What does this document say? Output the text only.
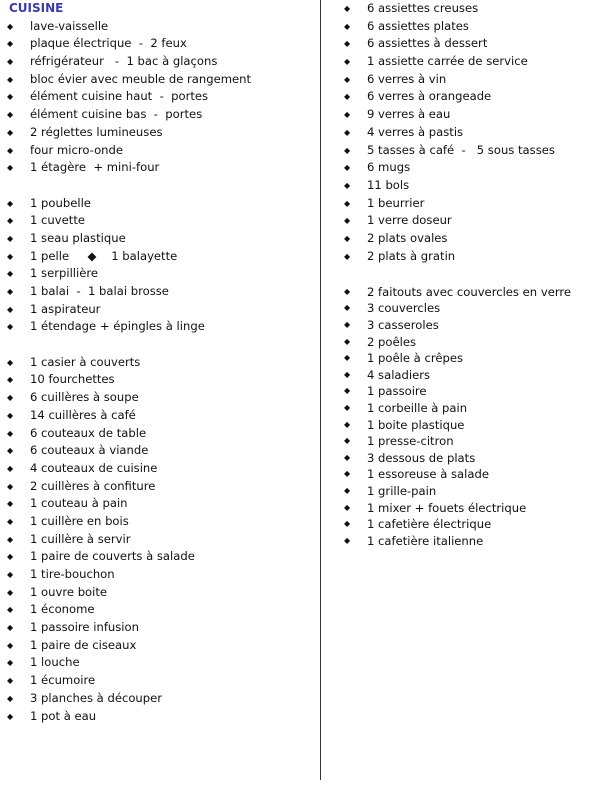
CUISINE
◆ lave-vaisselle
◆ plaque électrique  -  2 feux
◆ réfrigérateur   -  1 bac à glaçons
◆ bloc évier avec meuble de rangement
◆ élément cuisine haut  -  portes
◆ élément cuisine bas  -  portes
◆ 2 réglettes lumineuses
◆ four micro-onde
◆ 1 étagère  + mini-four
◆ 1 poubelle
◆ 1 cuvette
◆ 1 seau plastique
◆ 1 pelle     ◆    1 balayette
◆ 1 serpillière
◆ 1 balai  -  1 balai brosse
◆ 1 aspirateur
◆ 1 étendage + épingles à linge
◆ 1 casier à couverts
◆ 10 fourchettes
◆ 6 cuillères à soupe
◆ 14 cuillères à café
◆ 6 couteaux de table
◆ 6 couteaux à viande
◆ 4 couteaux de cuisine
◆ 2 cuillères à confiture
◆ 1 couteau à pain
◆ 1 cuillère en bois
◆ 1 cuillère à servir
◆ 1 paire de couverts à salade
◆ 1 tire-bouchon
◆ 1 ouvre boite
◆ 1 économe
◆ 1 passoire infusion
◆ 1 paire de ciseaux
◆ 1 louche
◆ 1 écumoire
◆ 3 planches à découper
◆ 1 pot à eau
◆ 6 assiettes creuses
◆ 6 assiettes plates
◆ 6 assiettes à dessert
◆ 1 assiette carrée de service
◆ 6 verres à vin
◆ 6 verres à orangeade
◆ 9 verres à eau
◆ 4 verres à pastis
◆ 5 tasses à café  -   5 sous tasses
◆ 6 mugs
◆ 11 bols
◆ 1 beurrier
◆ 1 verre doseur
◆ 2 plats ovales
◆ 2 plats à gratin
◆ 2 faitouts avec couvercles en verre
◆ 3 couvercles
◆ 3 casseroles
◆ 2 poêles
◆ 1 poêle à crêpes
◆ 4 saladiers
◆ 1 passoire
◆ 1 corbeille à pain
◆ 1 boite plastique
◆ 1 presse-citron
◆ 3 dessous de plats
◆ 1 essoreuse à salade
◆ 1 grille-pain
◆ 1 mixer + fouets électrique
◆ 1 cafetière électrique
◆ 1 cafetière italienne
